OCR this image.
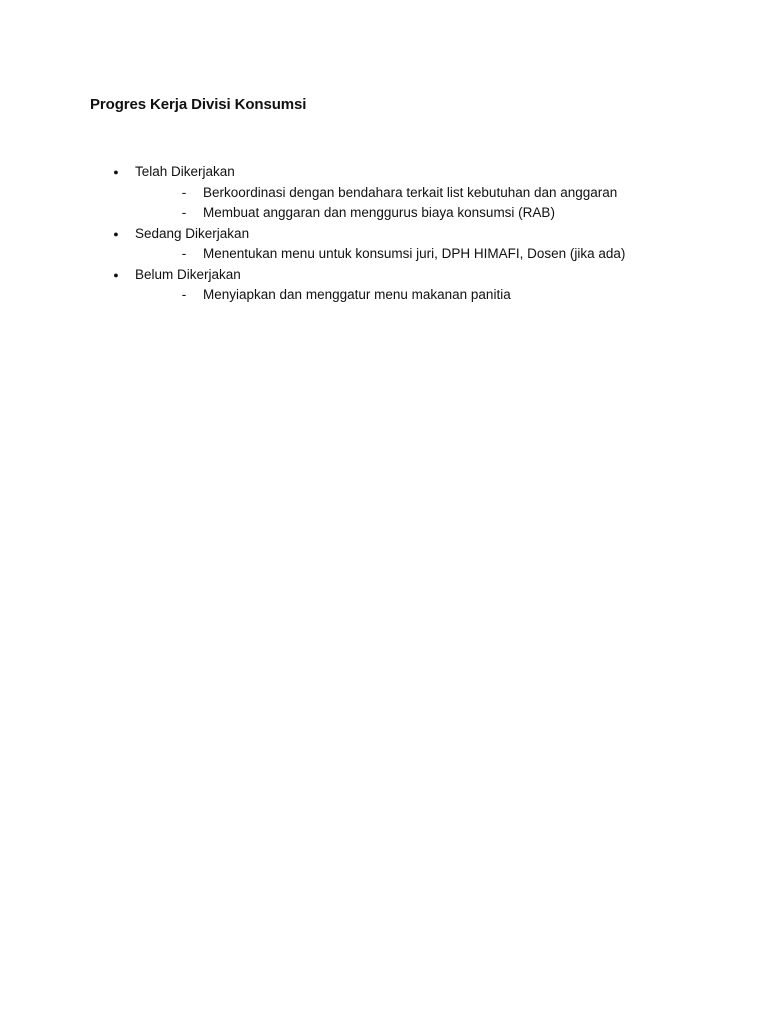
Progres Kerja Divisi Konsumsi
● Telah Dikerjakan
- Berkoordinasi dengan bendahara terkait list kebutuhan dan anggaran
- Membuat anggaran dan menggurus biaya konsumsi (RAB)
● Sedang Dikerjakan
- Menentukan menu untuk konsumsi juri, DPH HIMAFI, Dosen (jika ada)
● Belum Dikerjakan
- Menyiapkan dan menggatur menu makanan panitia
